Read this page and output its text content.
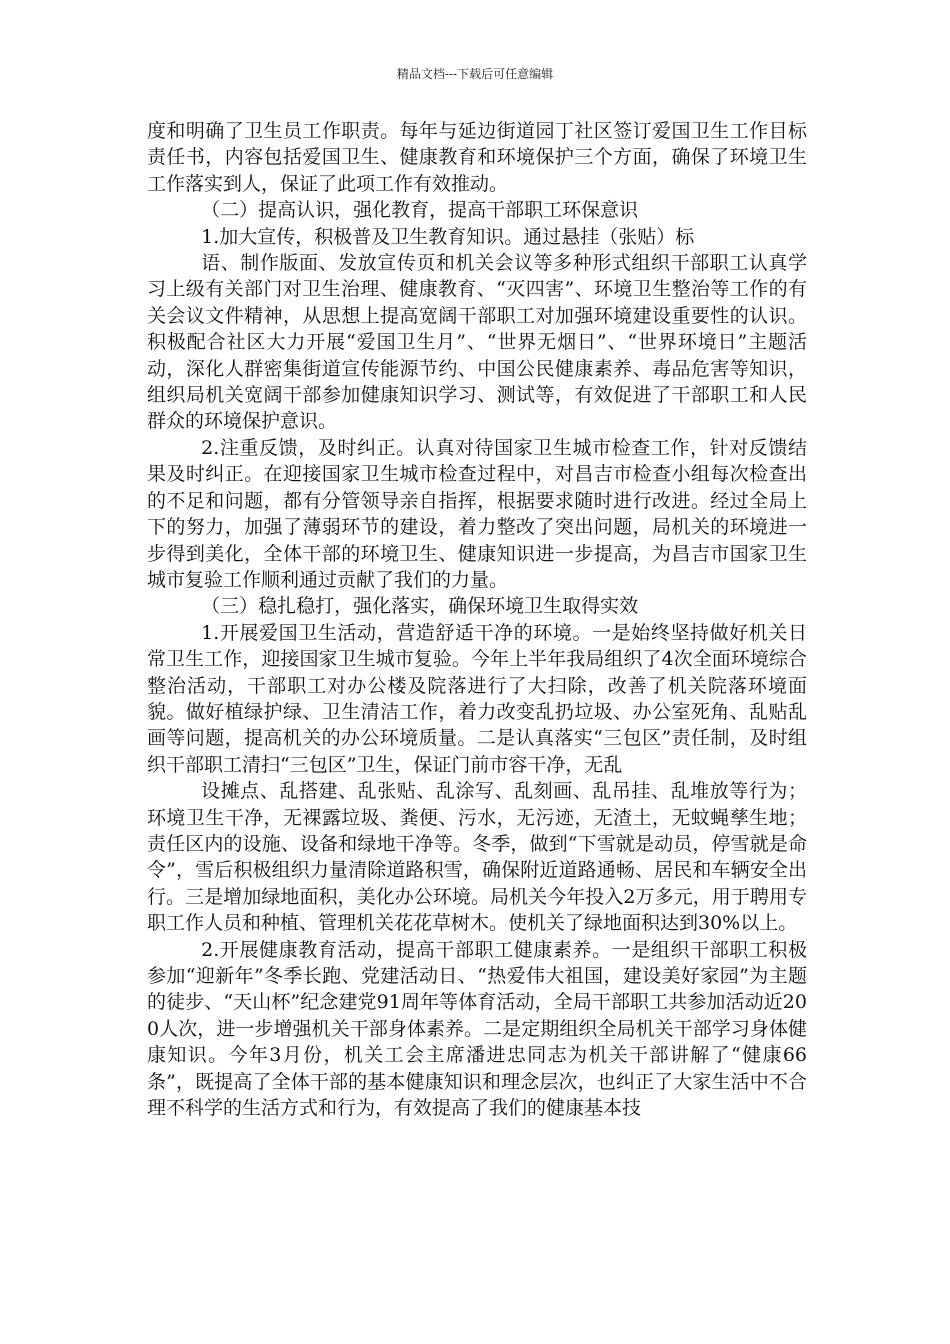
精品文档---下载后可任意编辑

度和明确了卫生员工作职责。每年与延边街道园丁社区签订爱国卫生工作目标责任书，内容包括爱国卫生、健康教育和环境保护三个方面，确保了环境卫生工作落实到人，保证了此项工作有效推动。

（二）提高认识，强化教育，提高干部职工环保意识

1.加大宣传，积极普及卫生教育知识。通过悬挂（张贴）标

语、制作版面、发放宣传页和机关会议等多种形式组织干部职工认真学习上级有关部门对卫生治理、健康教育、“灭四害”、环境卫生整治等工作的有关会议文件精神，从思想上提高宽阔干部职工对加强环境建设重要性的认识。积极配合社区大力开展“爱国卫生月”、“世界无烟日”、“世界环境日”主题活动，深化人群密集街道宣传能源节约、中国公民健康素养、毒品危害等知识，组织局机关宽阔干部参加健康知识学习、测试等，有效促进了干部职工和人民群众的环境保护意识。

2.注重反馈，及时纠正。认真对待国家卫生城市检查工作，针对反馈结果及时纠正。在迎接国家卫生城市检查过程中，对昌吉市检查小组每次检查出的不足和问题，都有分管领导亲自指挥，根据要求随时进行改进。经过全局上下的努力，加强了薄弱环节的建设，着力整改了突出问题，局机关的环境进一步得到美化，全体干部的环境卫生、健康知识进一步提高，为昌吉市国家卫生城市复验工作顺利通过贡献了我们的力量。

（三）稳扎稳打，强化落实，确保环境卫生取得实效

1.开展爱国卫生活动，营造舒适干净的环境。一是始终坚持做好机关日常卫生工作，迎接国家卫生城市复验。今年上半年我局组织了4次全面环境综合整治活动，干部职工对办公楼及院落进行了大扫除，改善了机关院落环境面貌。做好植绿护绿、卫生清洁工作，着力改变乱扔垃圾、办公室死角、乱贴乱画等问题，提高机关的办公环境质量。二是认真落实“三包区”责任制，及时组织干部职工清扫“三包区”卫生，保证门前市容干净，无乱

设摊点、乱搭建、乱张贴、乱涂写、乱刻画、乱吊挂、乱堆放等行为；环境卫生干净，无裸露垃圾、粪便、污水，无污迹，无渣土，无蚊蝇孳生地；责任区内的设施、设备和绿地干净等。冬季，做到“下雪就是动员，停雪就是命令”，雪后积极组织力量清除道路积雪，确保附近道路通畅、居民和车辆安全出行。三是增加绿地面积，美化办公环境。局机关今年投入2万多元，用于聘用专职工作人员和种植、管理机关花花草树木。使机关了绿地面积达到30%以上。

2.开展健康教育活动，提高干部职工健康素养。一是组织干部职工积极参加“迎新年”冬季长跑、党建活动日、“热爱伟大祖国，建设美好家园”为主题的徒步、“天山杯”纪念建党91周年等体育活动，全局干部职工共参加活动近200人次，进一步增强机关干部身体素养。二是定期组织全局机关干部学习身体健康知识。今年3月份，机关工会主席潘进忠同志为机关干部讲解了“健康66条”，既提高了全体干部的基本健康知识和理念层次，也纠正了大家生活中不合理不科学的生活方式和行为，有效提高了我们的健康基本技
